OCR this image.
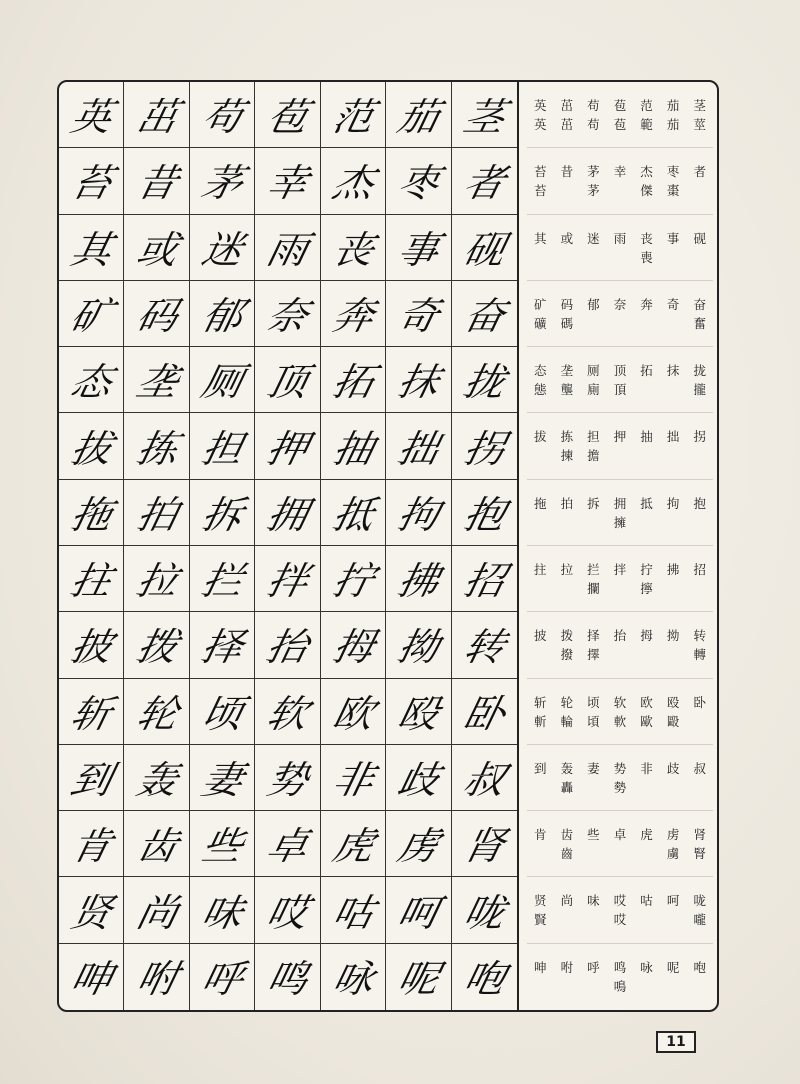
英 茁 苟 苞 范 茄 茎
苔 昔 茅 幸 杰 枣 者
其 或 迷 雨 丧 事 砚
矿 码 郁 奈 奔 奇 奋
态 垄 厕 顶 拓 抹 拢
拔 拣 担 押 抽 拙 拐
拖 拍 拆 拥 抵 拘 抱
拄 拉 拦 拌 拧 拂 招
披 拨 择 抬 拇 拗 转
斩 轮 顷 软 欧 殴 卧
到 轰 妻 势 非 歧 叔
肯 齿 些 卓 虎 虏 肾
贤 尚 味 哎 咕 呵 咙
呻 咐 呼 鸣 咏 呢 咆
英
英
茁
茁
苟
苟
苞
苞
范
範
茄
茄
茎
莖
苔
苔
昔 茅
茅
幸 杰
傑
枣
棗
者
其 或 迷 雨 丧
喪
事 砚
矿
礦
码
碼
郁 奈 奔 奇 奋
奮
态
態
垄
壟
厕
廁
顶
頂
拓 抹 拢
攏
拔 拣
揀
担
擔
押 抽 拙 拐
拖 拍 拆 拥
擁
抵 拘 抱
拄 拉 拦
攔
拌 拧
擰
拂 招
披 拨
撥
择
擇
抬 拇 拗 转
轉
斩
斬
轮
輪
顷
頃
软
軟
欧
歐
殴
毆
卧
到 轰
轟
妻 势
勢
非 歧 叔
肯 齿
齒
些 卓 虎 虏
虜
肾
腎
贤
賢
尚 味 哎
哎
咕 呵 咙
嚨
呻 咐 呼 鸣
鳴
咏 呢 咆
11
